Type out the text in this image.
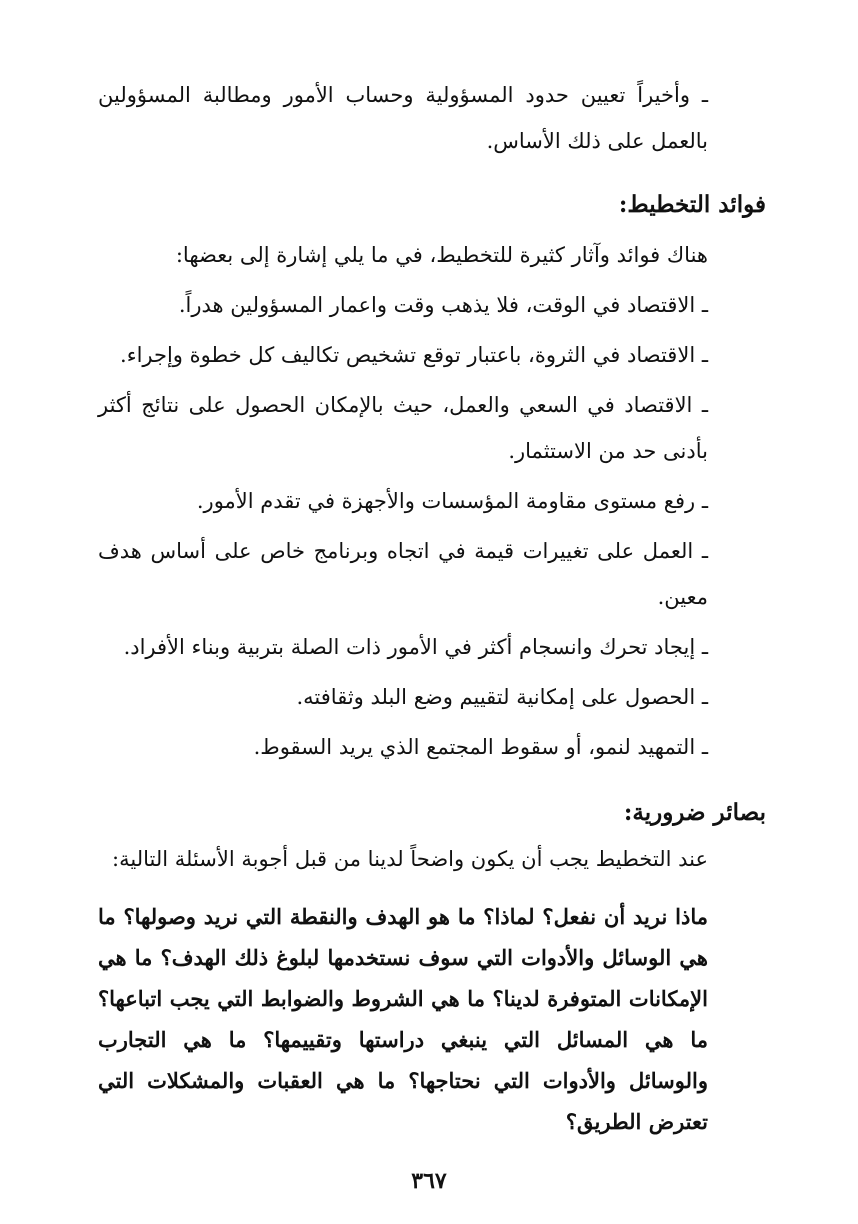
ـ وأخيراً تعيين حدود المسؤولية وحساب الأمور ومطالبة المسؤولين بالعمل على ذلك الأساس.

فوائد التخطيط:

هناك فوائد وآثار كثيرة للتخطيط، في ما يلي إشارة إلى بعضها:

ـ الاقتصاد في الوقت، فلا يذهب وقت واعمار المسؤولين هدراً.

ـ الاقتصاد في الثروة، باعتبار توقع تشخيص تكاليف كل خطوة وإجراء.

ـ الاقتصاد في السعي والعمل، حيث بالإمكان الحصول على نتائج أكثر بأدنى حد من الاستثمار.

ـ رفع مستوى مقاومة المؤسسات والأجهزة في تقدم الأمور.

ـ العمل على تغييرات قيمة في اتجاه وبرنامج خاص على أساس هدف معين.

ـ إيجاد تحرك وانسجام أكثر في الأمور ذات الصلة بتربية وبناء الأفراد.

ـ الحصول على إمكانية لتقييم وضع البلد وثقافته.

ـ التمهيد لنمو، أو سقوط المجتمع الذي يريد السقوط.

بصائر ضرورية:

عند التخطيط يجب أن يكون واضحاً لدينا من قبل أجوبة الأسئلة التالية:

ماذا نريد أن نفعل؟ لماذا؟ ما هو الهدف والنقطة التي نريد وصولها؟ ما هي الوسائل والأدوات التي سوف نستخدمها لبلوغ ذلك الهدف؟ ما هي الإمكانات المتوفرة لدينا؟ ما هي الشروط والضوابط التي يجب اتباعها؟ ما هي المسائل التي ينبغي دراستها وتقييمها؟ ما هي التجارب والوسائل والأدوات التي نحتاجها؟ ما هي العقبات والمشكلات التي تعترض الطريق؟

٣٦٧
